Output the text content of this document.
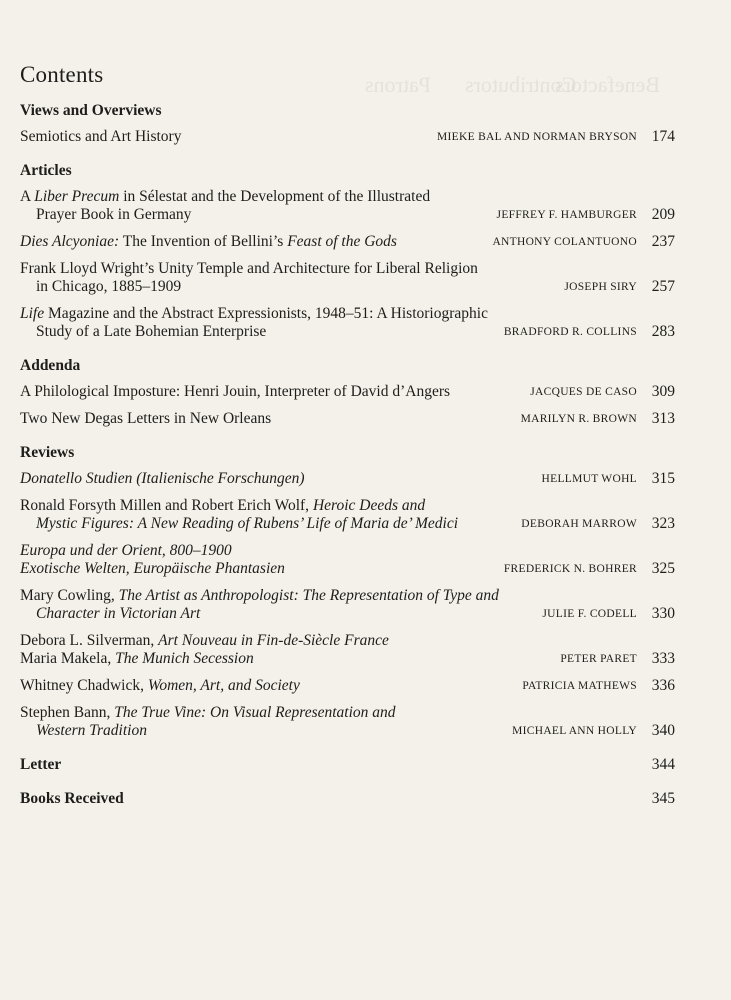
Benefactors
Patrons Contributors
Contents
Views and Overviews
Semiotics and Art History	MIEKE BAL AND NORMAN BRYSON 174
Articles
A Liber Precum in Sélestat and the Development of the Illustrated
Prayer Book in Germany	JEFFREY F. HAMBURGER 209
Dies Alcyoniae: The Invention of Bellini’s Feast of the Gods	ANTHONY COLANTUONO 237
Frank Lloyd Wright’s Unity Temple and Architecture for Liberal Religion
in Chicago, 1885–1909	JOSEPH SIRY 257
Life Magazine and the Abstract Expressionists, 1948–51: A Historiographic
Study of a Late Bohemian Enterprise	BRADFORD R. COLLINS 283
Addenda
A Philological Imposture: Henri Jouin, Interpreter of David d’Angers	JACQUES DE CASO 309
Two New Degas Letters in New Orleans	MARILYN R. BROWN 313
Reviews
Donatello Studien (Italienische Forschungen)	HELLMUT WOHL 315
Ronald Forsyth Millen and Robert Erich Wolf, Heroic Deeds and
Mystic Figures: A New Reading of Rubens’ Life of Maria de’ Medici	DEBORAH MARROW 323
Europa und der Orient, 800–1900
Exotische Welten, Europäische Phantasien	FREDERICK N. BOHRER 325
Mary Cowling, The Artist as Anthropologist: The Representation of Type and
Character in Victorian Art	JULIE F. CODELL 330
Debora L. Silverman, Art Nouveau in Fin-de-Siècle France
Maria Makela, The Munich Secession	PETER PARET 333
Whitney Chadwick, Women, Art, and Society	PATRICIA MATHEWS 336
Stephen Bann, The True Vine: On Visual Representation and
Western Tradition	MICHAEL ANN HOLLY 340
Letter	344
Books Received	345
